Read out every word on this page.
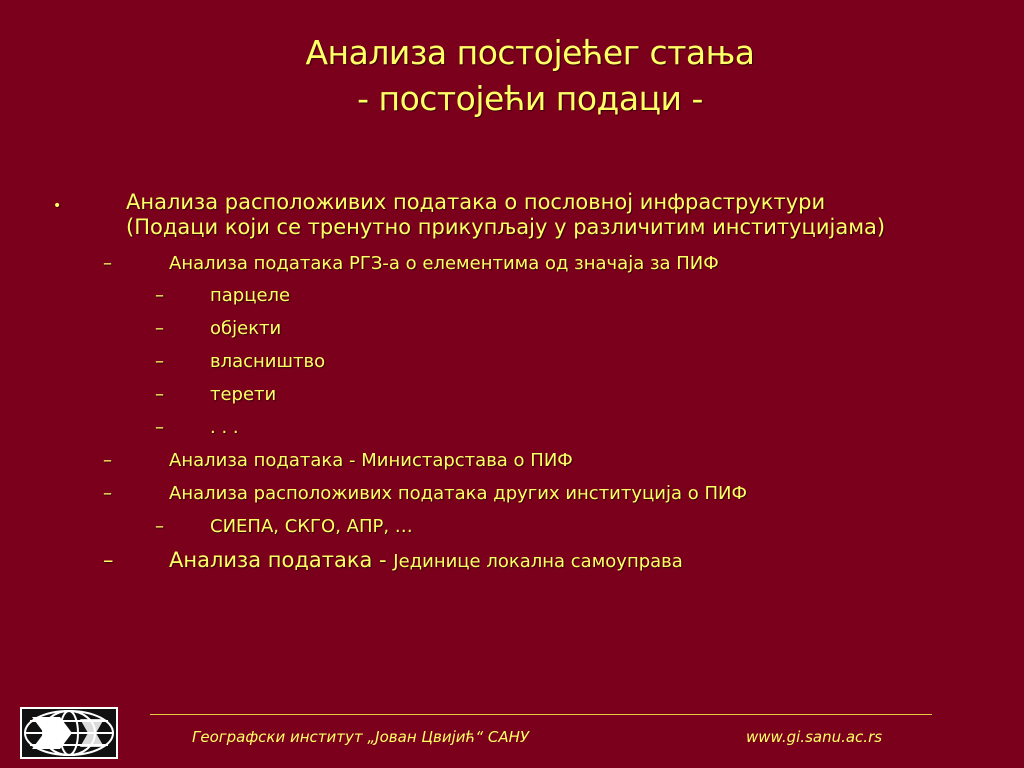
Анализа постојећег стања
- постојећи подаци -
•	Анализа расположивих података о пословној инфраструктури
(Подаци који се тренутно прикупљају у различитим институцијама)
–	Анализа података РГЗ-а о елементима од значаја за ПИФ
–	парцеле
–	објекти
–	власништво
–	терети
–	. . .
–	Анализа података - Министарстава о ПИФ
–	Анализа расположивих података других институција о ПИФ
–	СИЕПА, СКГО, АПР, …
–	Анализа података - Јединице локална самоуправа
Географски институт „Јован Цвијић“ САНУ	www.gi.sanu.ac.rs
